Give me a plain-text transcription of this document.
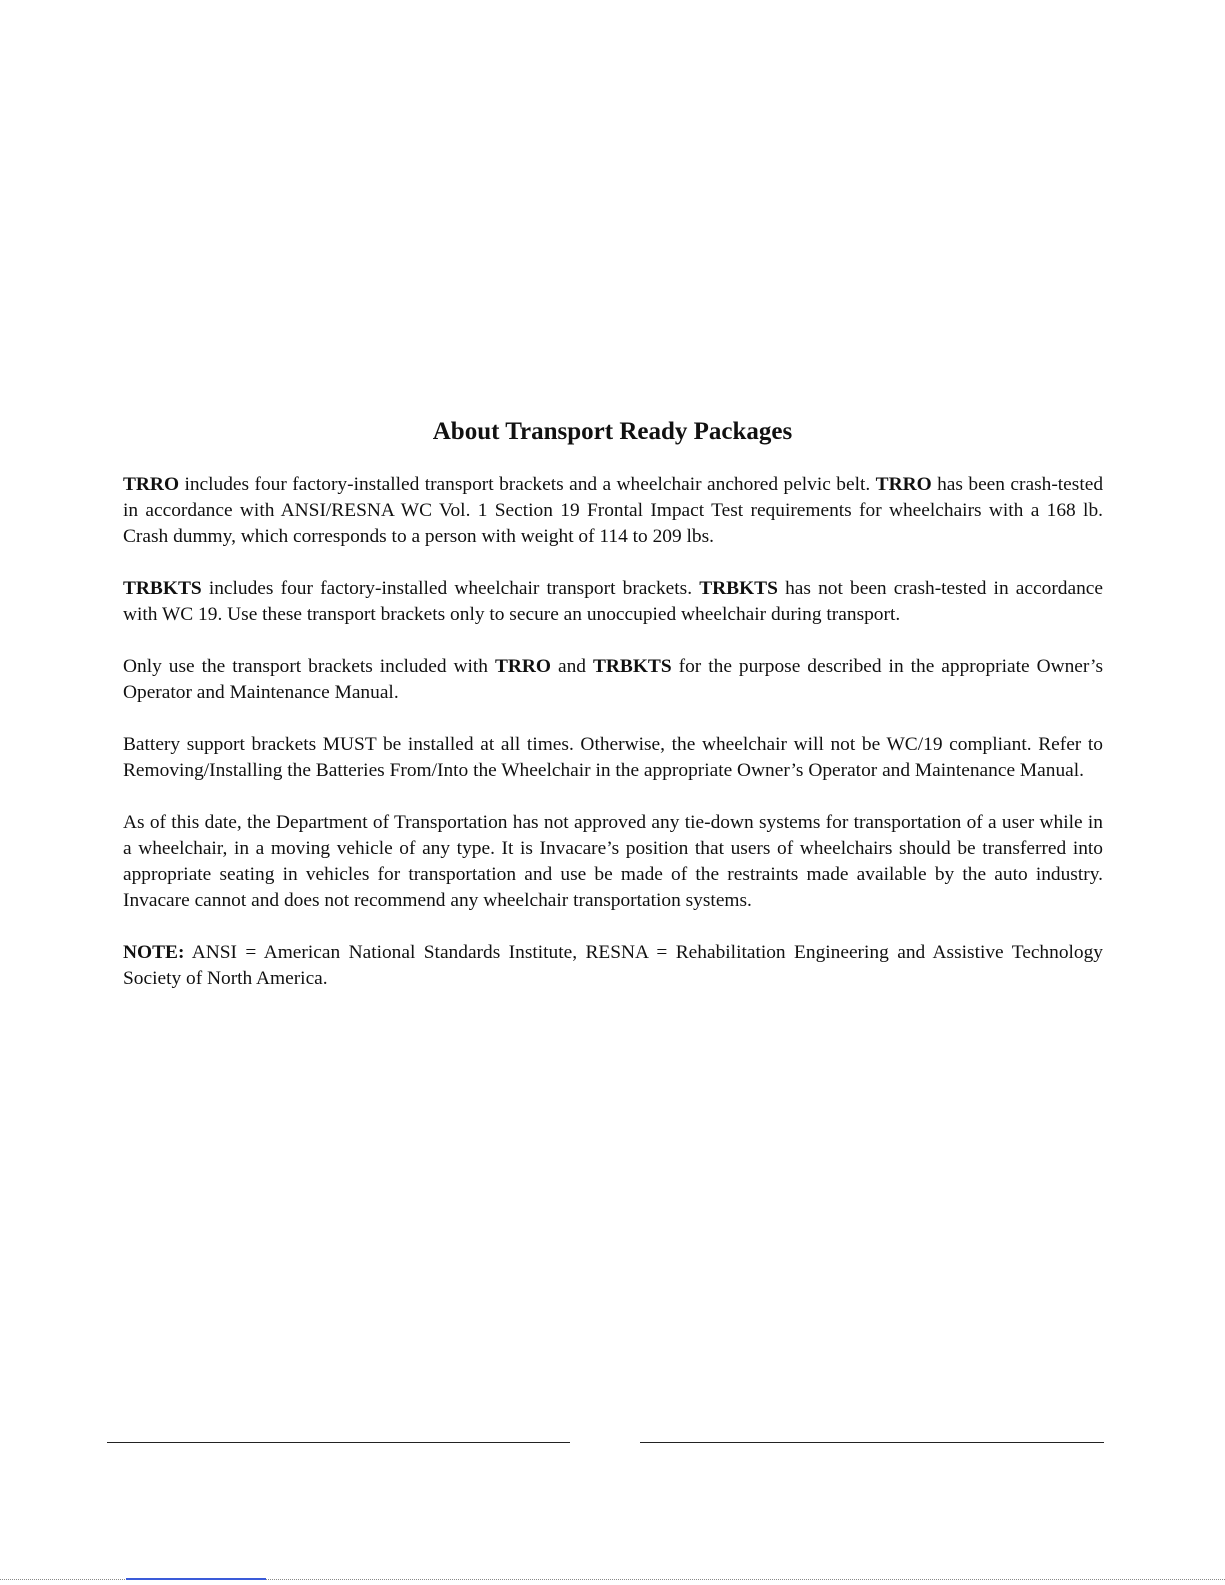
About Transport Ready Packages

TRRO includes four factory-installed transport brackets and a wheelchair anchored pelvic belt. TRRO has been crash-tested in accordance with ANSI/RESNA WC Vol. 1 Section 19 Frontal Impact Test requirements for wheelchairs with a 168 lb. Crash dummy, which corresponds to a person with weight of 114 to 209 lbs.

TRBKTS includes four factory-installed wheelchair transport brackets. TRBKTS has not been crash-tested in accordance with WC 19. Use these transport brackets only to secure an unoccupied wheelchair during transport.

Only use the transport brackets included with TRRO and TRBKTS for the purpose described in the appropriate Owner’s Operator and Maintenance Manual.

Battery support brackets MUST be installed at all times. Otherwise, the wheelchair will not be WC/19 compliant. Refer to Removing/Installing the Batteries From/Into the Wheelchair in the appropriate Owner’s Operator and Maintenance Manual.

As of this date, the Department of Transportation has not approved any tie-down systems for transportation of a user while in a wheelchair, in a moving vehicle of any type. It is Invacare’s position that users of wheelchairs should be transferred into appropriate seating in vehicles for transportation and use be made of the restraints made available by the auto industry. Invacare cannot and does not recommend any wheelchair transportation systems.

NOTE: ANSI = American National Standards Institute, RESNA = Rehabilitation Engineering and Assistive Technology Society of North America.
